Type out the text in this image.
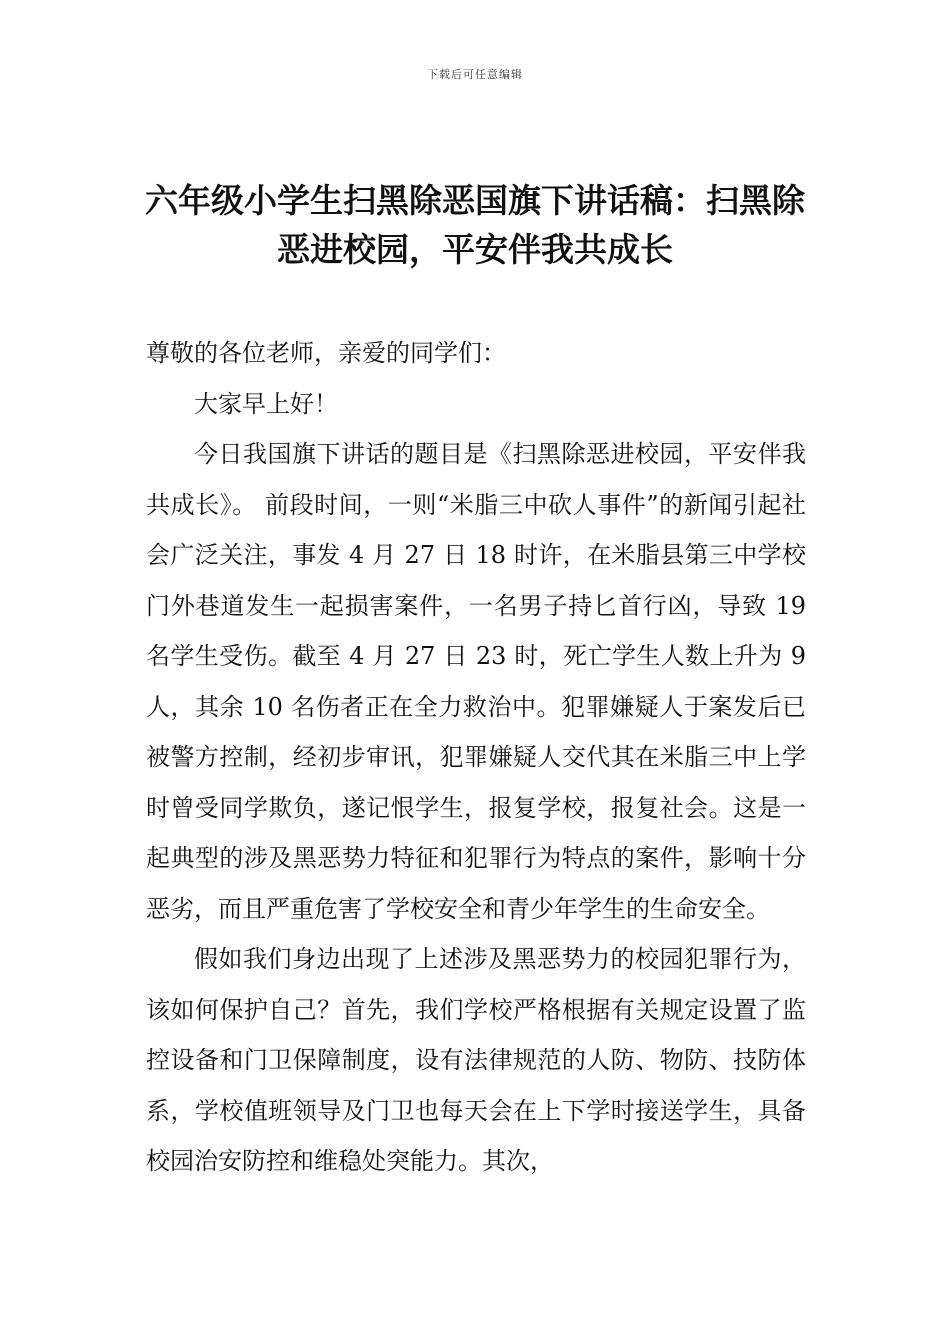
下载后可任意编辑
六年级小学生扫黑除恶国旗下讲话稿：扫黑除恶进校园，平安伴我共成长

尊敬的各位老师，亲爱的同学们：

大家早上好！

今日我国旗下讲话的题目是《扫黑除恶进校园，平安伴我共成长》。 前段时间，一则“米脂三中砍人事件”的新闻引起社会广泛关注，事发 4 月 27 日 18 时许，在米脂县第三中学校门外巷道发生一起损害案件，一名男子持匕首行凶，导致 19 名学生受伤。截至 4 月 27 日 23 时，死亡学生人数上升为 9 人，其余 10 名伤者正在全力救治中。犯罪嫌疑人于案发后已被警方控制，经初步审讯，犯罪嫌疑人交代其在米脂三中上学时曾受同学欺负，遂记恨学生，报复学校，报复社会。这是一起典型的涉及黑恶势力特征和犯罪行为特点的案件，影响十分恶劣，而且严重危害了学校安全和青少年学生的生命安全。

假如我们身边出现了上述涉及黑恶势力的校园犯罪行为，该如何保护自己？首先，我们学校严格根据有关规定设置了监控设备和门卫保障制度，设有法律规范的人防、物防、技防体系，学校值班领导及门卫也每天会在上下学时接送学生，具备校园治安防控和维稳处突能力。其次，
